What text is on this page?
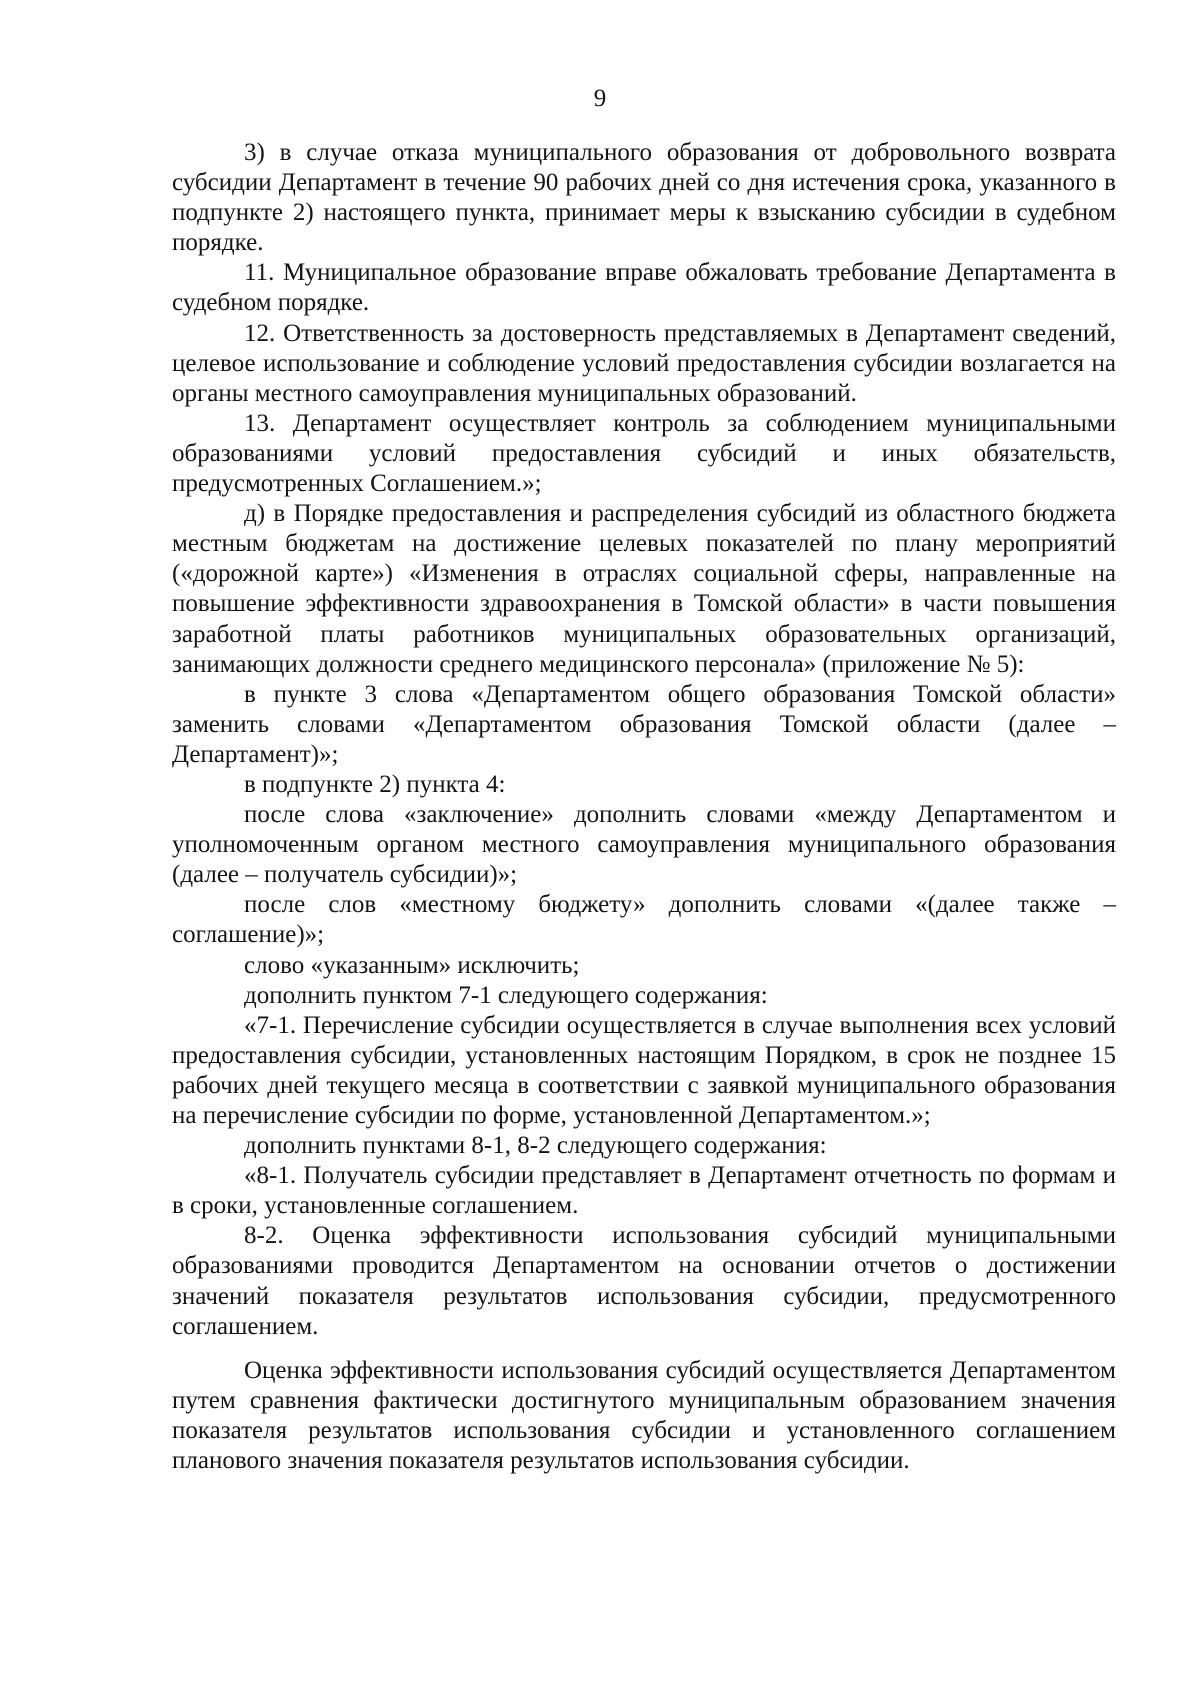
9

3) в случае отказа муниципального образования от добровольного возврата субсидии Департамент в течение 90 рабочих дней со дня истечения срока, указанного в подпункте 2) настоящего пункта, принимает меры к взысканию субсидии в судебном порядке.

11. Муниципальное образование вправе обжаловать требование Департамента в судебном порядке.

12. Ответственность за достоверность представляемых в Департамент сведений, целевое использование и соблюдение условий предоставления субсидии возлагается на органы местного самоуправления муниципальных образований.

13. Департамент осуществляет контроль за соблюдением муниципальными образованиями условий предоставления субсидий и иных обязательств, предусмотренных Соглашением.»;

д) в Порядке предоставления и распределения субсидий из областного бюджета местным бюджетам на достижение целевых показателей по плану мероприятий («дорожной карте») «Изменения в отраслях социальной сферы, направленные на повышение эффективности здравоохранения в Томской области» в части повышения заработной платы работников муниципальных образовательных организаций, занимающих должности среднего медицинского персонала» (приложение № 5):

в пункте 3 слова «Департаментом общего образования Томской области» заменить словами «Департаментом образования Томской области (далее – Департамент)»;

в подпункте 2) пункта 4:

после слова «заключение» дополнить словами «между Департаментом и уполномоченным органом местного самоуправления муниципального образования (далее – получатель субсидии)»;

после слов «местному бюджету» дополнить словами «(далее также – соглашение)»;

слово «указанным» исключить;

дополнить пунктом 7-1 следующего содержания:

«7-1. Перечисление субсидии осуществляется в случае выполнения всех условий предоставления субсидии, установленных настоящим Порядком, в срок не позднее 15 рабочих дней текущего месяца в соответствии с заявкой муниципального образования на перечисление субсидии по форме, установленной Департаментом.»;

дополнить пунктами 8-1, 8-2 следующего содержания:

«8-1. Получатель субсидии представляет в Департамент отчетность по формам и в сроки, установленные соглашением.

8-2. Оценка эффективности использования субсидий муниципальными образованиями проводится Департаментом на основании отчетов о достижении значений показателя результатов использования субсидии, предусмотренного соглашением.

Оценка эффективности использования субсидий осуществляется Департаментом путем сравнения фактически достигнутого муниципальным образованием значения показателя результатов использования субсидии и установленного соглашением планового значения показателя результатов использования субсидии.
